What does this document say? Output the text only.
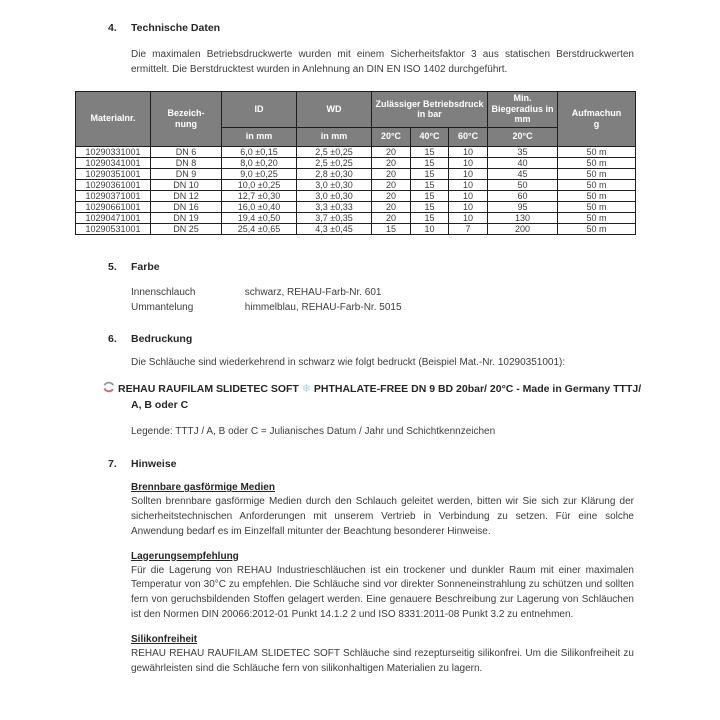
4.	Technische Daten

Die maximalen Betriebsdruckwerte wurden mit einem Sicherheitsfaktor 3 aus statischen Berstdruckwerten ermittelt. Die Berstdrucktest wurden in Anlehnung an DIN EN ISO 1402 durchgeführt.

Materialnr.	Bezeich-nung	ID	WD	Zulässiger Betriebsdruck in bar			Min. Biegeradius in mm	Aufmachung
		in mm	in mm	20°C	40°C	60°C	20°C	
10290331001	DN 6	6,0 ±0,15	2,5 ±0,25	20	15	10	35	50 m
10290341001	DN 8	8,0 ±0,20	2,5 ±0,25	20	15	10	40	50 m
10290351001	DN 9	9,0 ±0,25	2,8 ±0,30	20	15	10	45	50 m
10290361001	DN 10	10,0 ±0,25	3,0 ±0,30	20	15	10	50	50 m
10290371001	DN 12	12,7 ±0,30	3,0 ±0,30	20	15	10	60	50 m
10290661001	DN 16	16,0 ±0,40	3,3 ±0,33	20	15	10	95	50 m
10290471001	DN 19	19,4 ±0,50	3,7 ±0,35	20	15	10	130	50 m
10290531001	DN 25	25,4 ±0,65	4,3 ±0,45	15	10	7	200	50 m
5.	Farbe
Innenschlauch	schwarz, REHAU-Farb-Nr. 601
Ummantelung	himmelblau, REHAU-Farb-Nr. 5015
6.	Bedruckung

Die Schläuche sind wiederkehrend in schwarz wie folgt bedruckt (Beispiel Mat.-Nr. 10290351001):

REHAU RAUFILAM SLIDETEC SOFT ❄ PHTHALATE-FREE DN 9 BD 20bar/ 20°C - Made in Germany TTTJ/ A, B oder C

Legende: TTTJ / A, B oder C = Julianisches Datum / Jahr und Schichtkennzeichen

7.	Hinweise
Brennbare gasförmige Medien

Sollten brennbare gasförmige Medien durch den Schlauch geleitet werden, bitten wir Sie sich zur Klärung der sicherheitstechnischen Anforderungen mit unserem Vertrieb in Verbindung zu setzen. Für eine solche Anwendung bedarf es im Einzelfall mitunter der Beachtung besonderer Hinweise.

Lagerungsempfehlung

Für die Lagerung von REHAU Industrieschläuchen ist ein trockener und dunkler Raum mit einer maximalen Temperatur von 30°C zu empfehlen. Die Schläuche sind vor direkter Sonneneinstrahlung zu schützen und sollten fern von geruchsbildenden Stoffen gelagert werden. Eine genauere Beschreibung zur Lagerung von Schläuchen ist den Normen DIN 20066:2012-01 Punkt 14.1.2 2 und ISO 8331:2011-08 Punkt 3.2 zu entnehmen.

Silikonfreiheit

REHAU REHAU RAUFILAM SLIDETEC SOFT Schläuche sind rezepturseitig silikonfrei. Um die Silikonfreiheit zu gewährleisten sind die Schläuche fern von silikonhaltigen Materialien zu lagern.
